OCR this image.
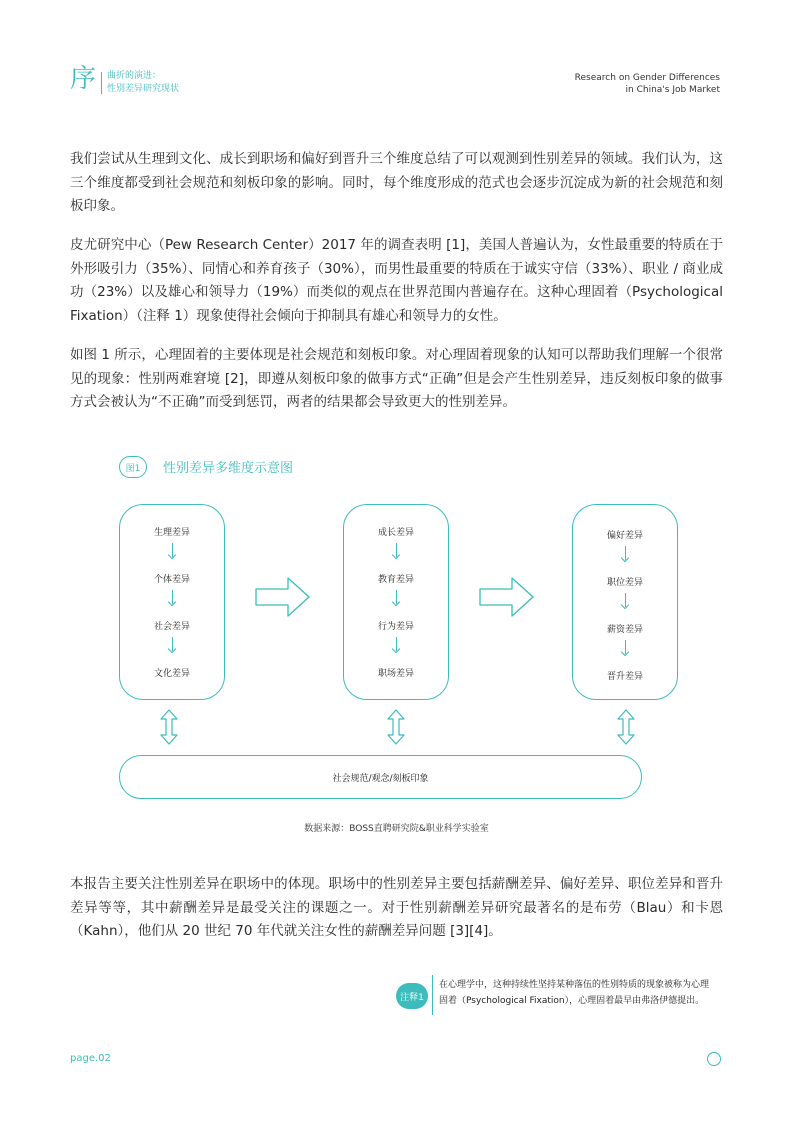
序 曲折的演进：
性别差异研究现状
Research on Gender Differences
in China's Job Market

我们尝试从生理到文化、成长到职场和偏好到晋升三个维度总结了可以观测到性别差异的领域。我们认为，这三个维度都受到社会规范和刻板印象的影响。同时，每个维度形成的范式也会逐步沉淀成为新的社会规范和刻板印象。

皮尤研究中心（Pew Research Center）2017 年的调查表明 [1]，美国人普遍认为，女性最重要的特质在于外形吸引力（35%）、同情心和养育孩子（30%），而男性最重要的特质在于诚实守信（33%）、职业 / 商业成功（23%）以及雄心和领导力（19%）而类似的观点在世界范围内普遍存在。这种心理固着（Psychological Fixation）（注释 1）现象使得社会倾向于抑制具有雄心和领导力的女性。

如图 1 所示，心理固着的主要体现是社会规范和刻板印象。对心理固着现象的认知可以帮助我们理解一个很常见的现象：性别两难窘境 [2]，即遵从刻板印象的做事方式“正确”但是会产生性别差异，违反刻板印象的做事方式会被认为“不正确”而受到惩罚，两者的结果都会导致更大的性别差异。

图1	性别差异多维度示意图
生理差异
个体差异
社会差异
文化差异
成长差异
教育差异
行为差异
职场差异
偏好差异
职位差异
薪资差异
晋升差异
社会规范/观念/刻板印象
数据来源：BOSS直聘研究院&职业科学实验室

本报告主要关注性别差异在职场中的体现。职场中的性别差异主要包括薪酬差异、偏好差异、职位差异和晋升差异等等，其中薪酬差异是最受关注的课题之一。对于性别薪酬差异研究最著名的是布劳（Blau）和卡恩（Kahn），他们从 20 世纪 70 年代就关注女性的薪酬差异问题 [3][4]。

注释1
在心理学中，这种持续性坚持某种落伍的性别特质的现象被称为心理
固着（Psychological Fixation），心理固着最早由弗洛伊德提出。
page.02
